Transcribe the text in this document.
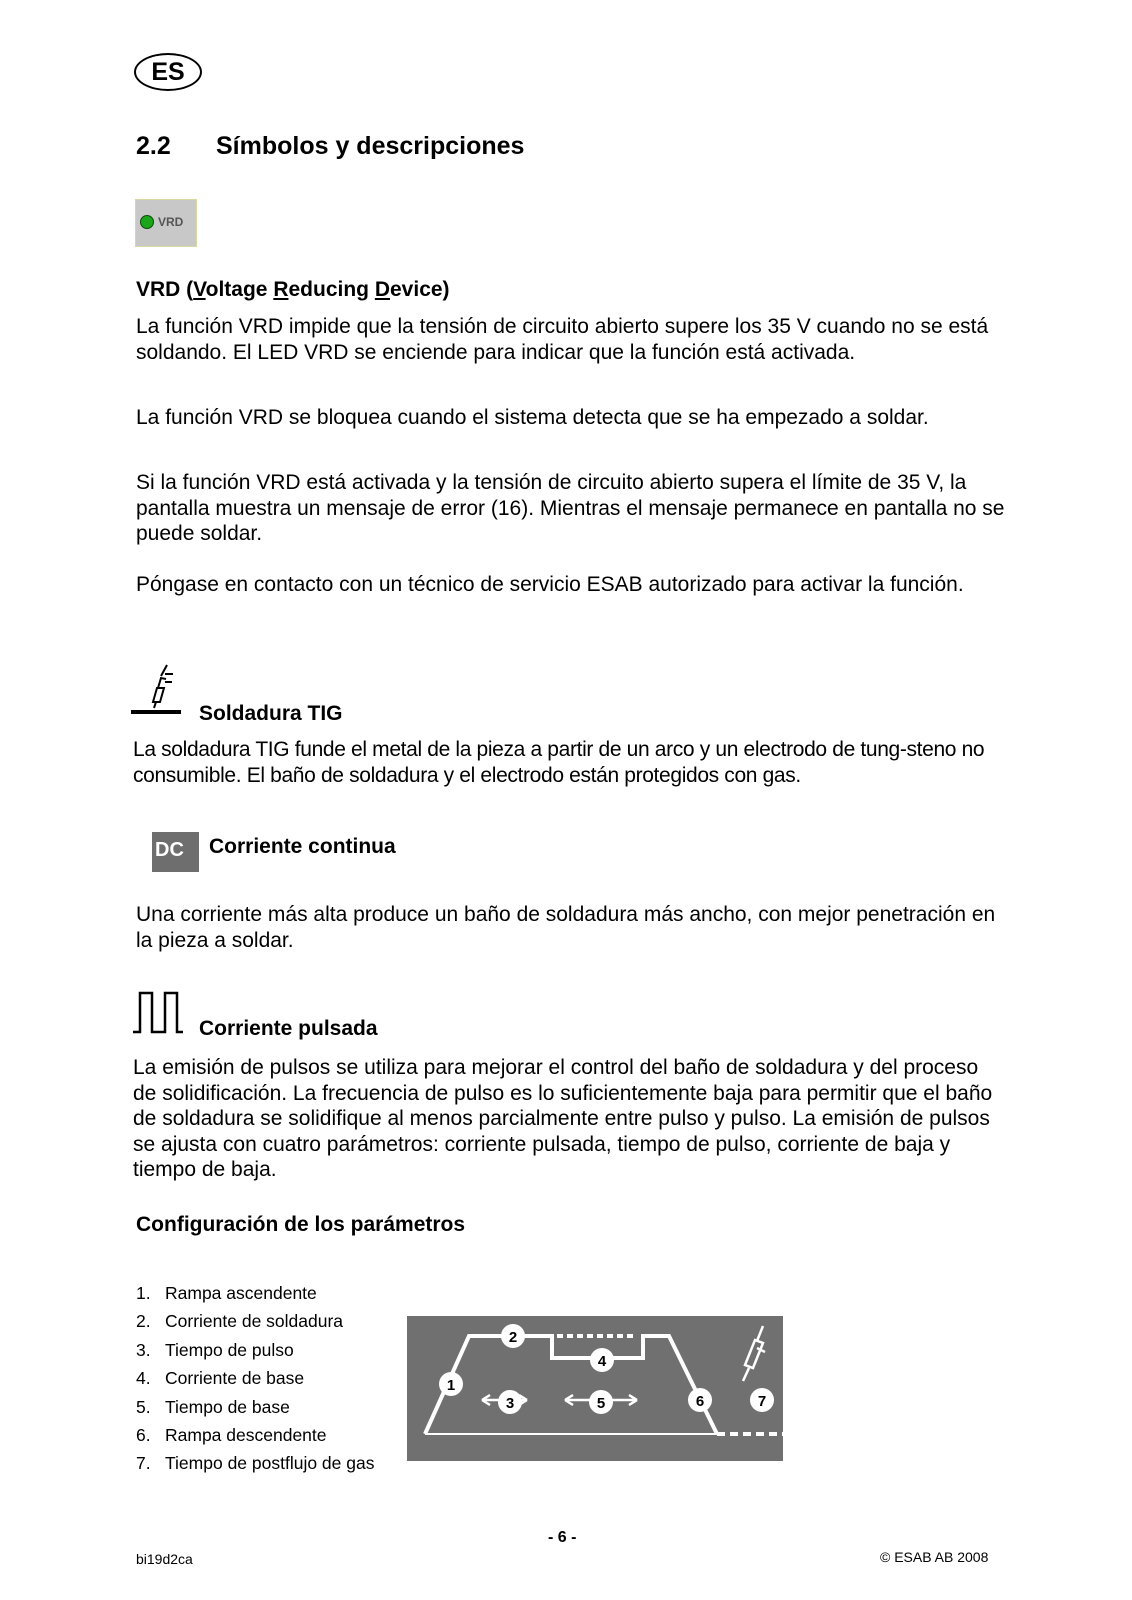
ES
2.2 Símbolos y descripciones
VRD
VRD (Voltage Reducing Device)
La función VRD impide que la tensión de circuito abierto supere los 35 V cuando no se está soldando. El LED VRD se enciende para indicar que la función está activada.
La función VRD se bloquea cuando el sistema detecta que se ha empezado a soldar.
Si la función VRD está activada y la tensión de circuito abierto supera el límite de 35 V, la pantalla muestra un mensaje de error (16). Mientras el mensaje permanece en pantalla no se puede soldar.
Póngase en contacto con un técnico de servicio ESAB autorizado para activar la función.
Soldadura TIG
La soldadura TIG funde el metal de la pieza a partir de un arco y un electrodo de tung-steno no consumible. El baño de soldadura y el electrodo están protegidos con gas.
DC	Corriente continua
Una corriente más alta produce un baño de soldadura más ancho, con mejor penetración en la pieza a soldar.
Corriente pulsada
La emisión de pulsos se utiliza para mejorar el control del baño de soldadura y del proceso de solidificación. La frecuencia de pulso es lo suficientemente baja para permitir que el baño de soldadura se solidifique al menos parcialmente entre pulso y pulso. La emisión de pulsos se ajusta con cuatro parámetros: corriente pulsada, tiempo de pulso, corriente de baja y tiempo de baja.
Configuración de los parámetros
1. Rampa ascendente
2. Corriente de soldadura
3. Tiempo de pulso
4. Corriente de base
5. Tiempo de base
6. Rampa descendente
7. Tiempo de postflujo de gas
1
2
3
4
5	6	7
- 6 -
bi19d2ca	© ESAB AB 2008
